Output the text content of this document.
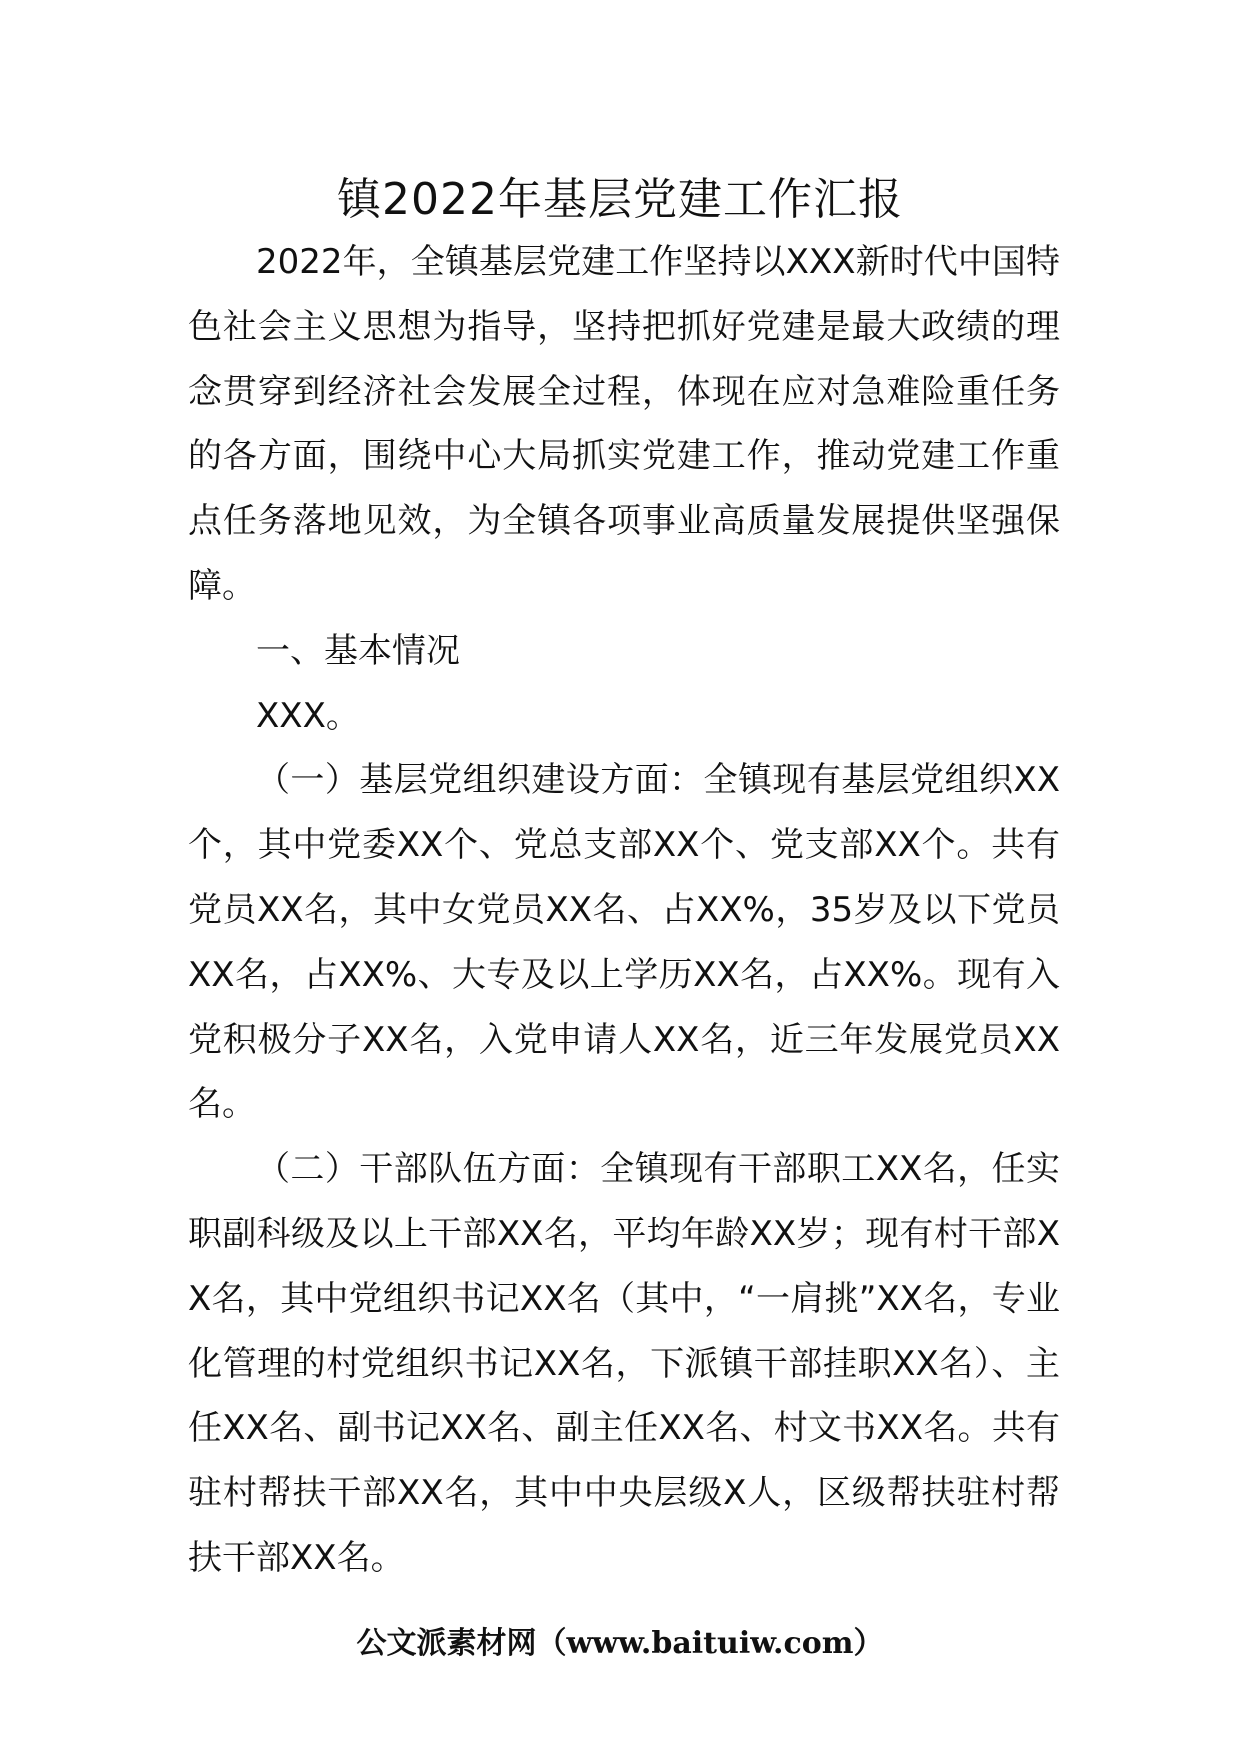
镇2022年基层党建工作汇报

2022年，全镇基层党建工作坚持以XXX新时代中国特色社会主义思想为指导，坚持把抓好党建是最大政绩的理念贯穿到经济社会发展全过程，体现在应对急难险重任务的各方面，围绕中心大局抓实党建工作，推动党建工作重点任务落地见效，为全镇各项事业高质量发展提供坚强保障。

一、基本情况

XXX。

（一）基层党组织建设方面：全镇现有基层党组织XX个，其中党委XX个、党总支部XX个、党支部XX个。共有党员XX名，其中女党员XX名、占XX%，35岁及以下党员XX名，占XX%、大专及以上学历XX名，占XX%。现有入党积极分子XX名，入党申请人XX名，近三年发展党员XX名。

（二）干部队伍方面：全镇现有干部职工XX名，任实职副科级及以上干部XX名，平均年龄XX岁；现有村干部XX名，其中党组织书记XX名（其中，“一肩挑”XX名，专业化管理的村党组织书记XX名，下派镇干部挂职XX名）、主任XX名、副书记XX名、副主任XX名、村文书XX名。共有驻村帮扶干部XX名，其中中央层级X人，区级帮扶驻村帮扶干部XX名。

公文派素材网（www.baituiw.com）
